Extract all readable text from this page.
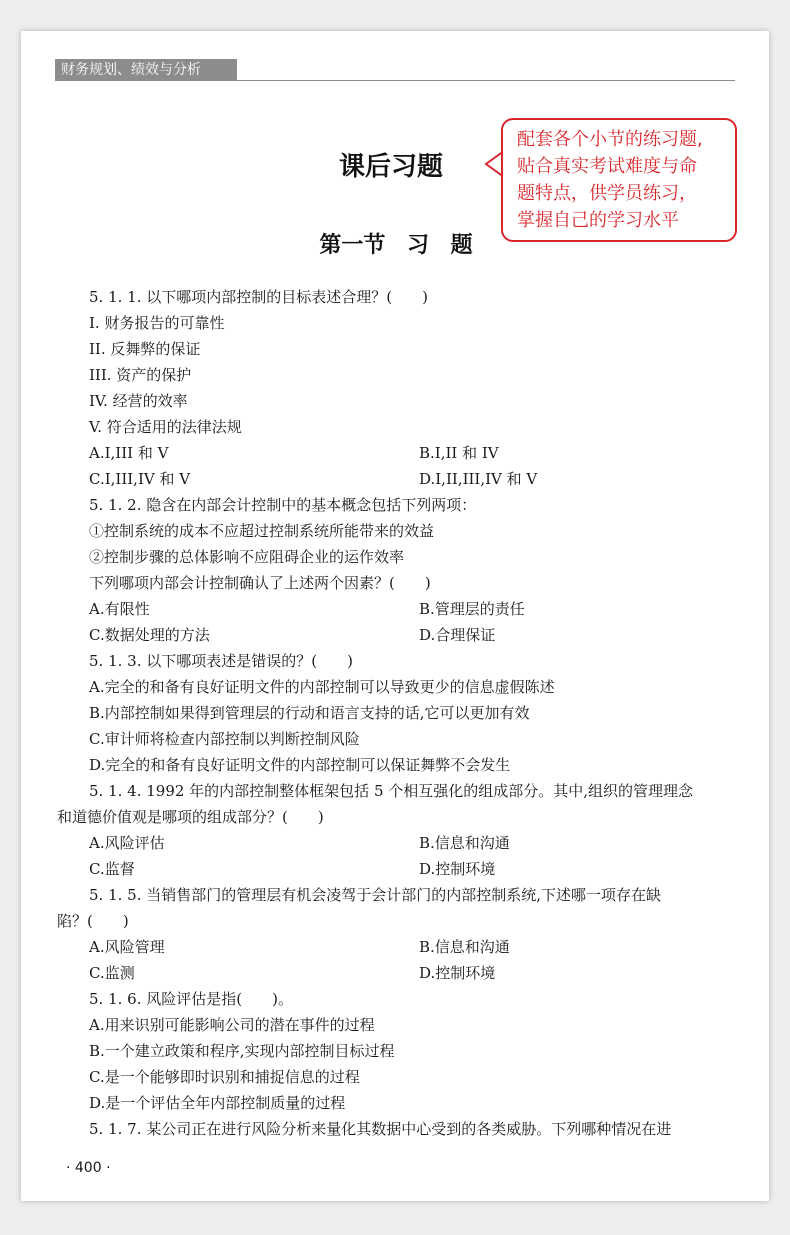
财务规划、绩效与分析
课后习题
配套各个小节的练习题,
贴合真实考试难度与命
题特点，供学员练习，
掌握自己的学习水平
第一节 习 题
5. 1. 1. 以下哪项内部控制的目标表述合理？(　　)
I. 财务报告的可靠性
II. 反舞弊的保证
III. 资产的保护
IV. 经营的效率
V. 符合适用的法律法规
A.I,III 和 V	B.I,II 和 IV
C.I,III,IV 和 V	D.I,II,III,IV 和 V
5. 1. 2. 隐含在内部会计控制中的基本概念包括下列两项：
①控制系统的成本不应超过控制系统所能带来的效益
②控制步骤的总体影响不应阻碍企业的运作效率
下列哪项内部会计控制确认了上述两个因素？(　　)
A.有限性	B.管理层的责任
C.数据处理的方法	D.合理保证
5. 1. 3. 以下哪项表述是错误的？(　　)
A.完全的和备有良好证明文件的内部控制可以导致更少的信息虚假陈述
B.内部控制如果得到管理层的行动和语言支持的话,它可以更加有效
C.审计师将检查内部控制以判断控制风险
D.完全的和备有良好证明文件的内部控制可以保证舞弊不会发生
5. 1. 4. 1992 年的内部控制整体框架包括 5 个相互强化的组成部分。其中,组织的管理理念
和道德价值观是哪项的组成部分？(　　)
A.风险评估	B.信息和沟通
C.监督	D.控制环境
5. 1. 5. 当销售部门的管理层有机会凌驾于会计部门的内部控制系统,下述哪一项存在缺
陷？(　　)
A.风险管理	B.信息和沟通
C.监测	D.控制环境
5. 1. 6. 风险评估是指(　　)。
A.用来识别可能影响公司的潜在事件的过程
B.一个建立政策和程序,实现内部控制目标过程
C.是一个能够即时识别和捕捉信息的过程
D.是一个评估全年内部控制质量的过程
5. 1. 7. 某公司正在进行风险分析来量化其数据中心受到的各类威胁。下列哪种情况在进
· 400 ·
